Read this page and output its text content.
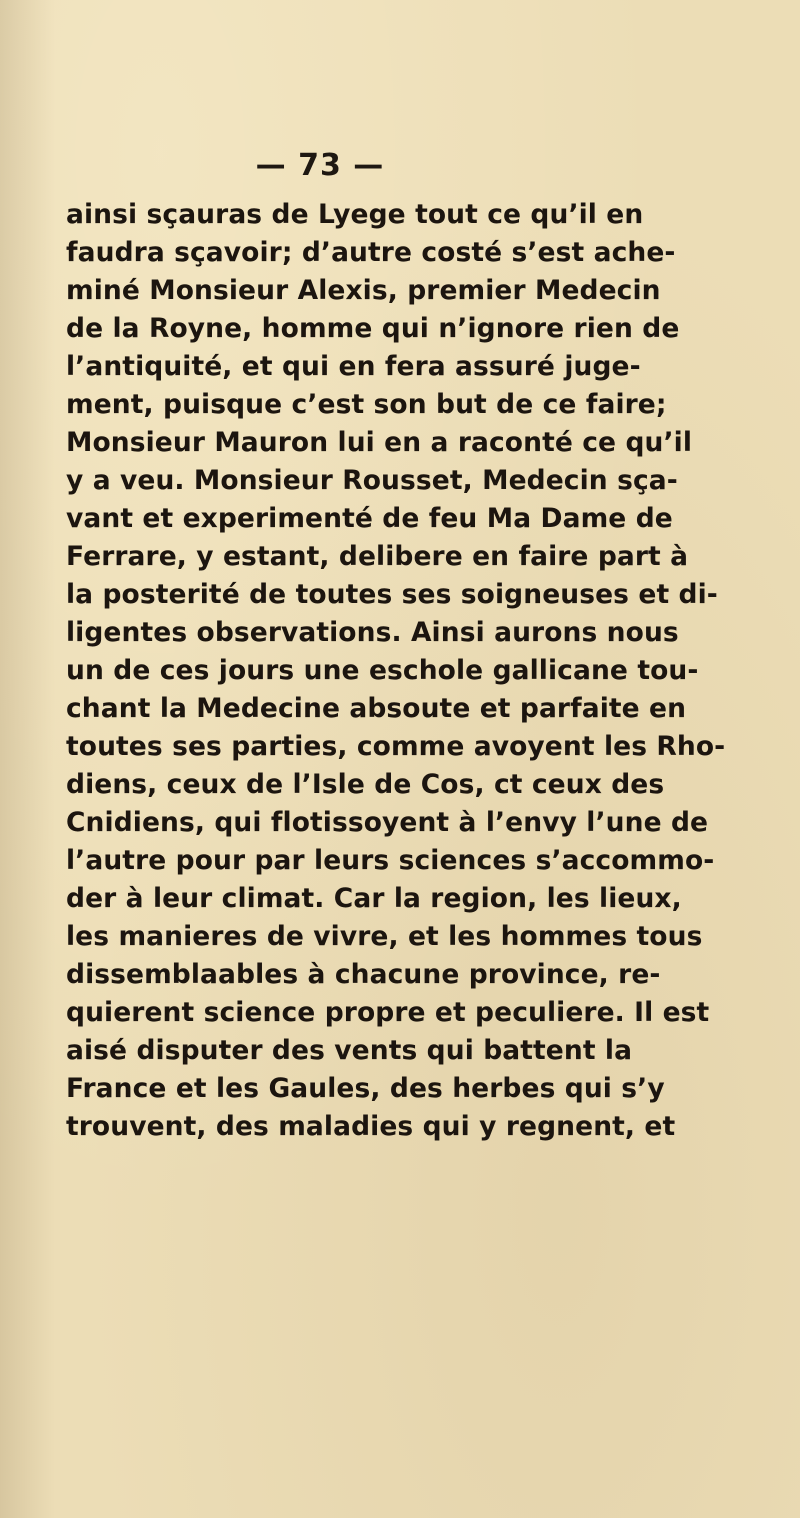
— 73 —
ainsi sçauras de Lyege tout ce qu’il en
faudra sçavoir; d’autre costé s’est ache-
miné Monsieur Alexis, premier Medecin
de la Royne, homme qui n’ignore rien de
l’antiquité, et qui en fera assuré juge-
ment, puisque c’est son but de ce faire;
Monsieur Mauron lui en a raconté ce qu’il
y a veu. Monsieur Rousset, Medecin sça-
vant et experimenté de feu Ma Dame de
Ferrare, y estant, delibere en faire part à
la posterité de toutes ses soigneuses et di-
ligentes observations. Ainsi aurons nous
un de ces jours une eschole gallicane tou-
chant la Medecine absoute et parfaite en
toutes ses parties, comme avoyent les Rho-
diens, ceux de l’Isle de Cos, ct ceux des
Cnidiens, qui flotissoyent à l’envy l’une de
l’autre pour par leurs sciences s’accommo-
der à leur climat. Car la region, les lieux,
les manieres de vivre, et les hommes tous
dissemblaables à chacune province, re-
quierent science propre et peculiere. Il est
aisé disputer des vents qui battent la
France et les Gaules, des herbes qui s’y
trouvent, des maladies qui y regnent, et
